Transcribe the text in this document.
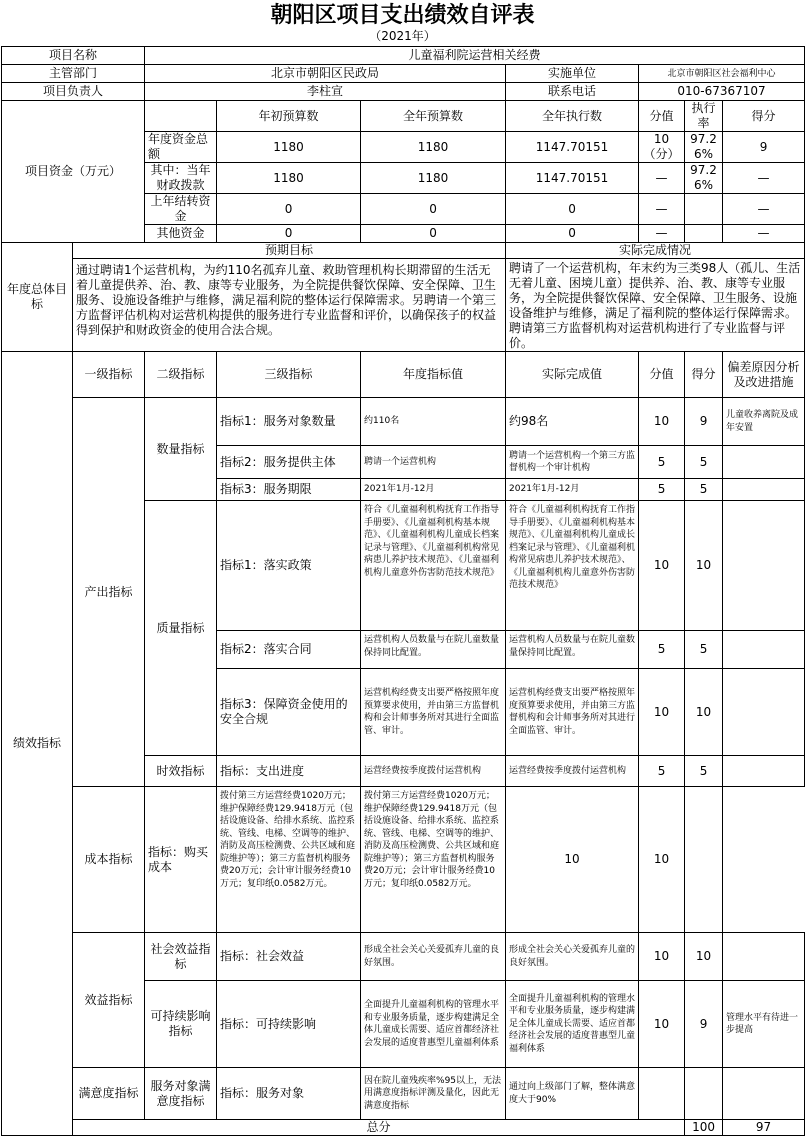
朝阳区项目支出绩效自评表
（2021年）
项目名称		儿童福利院运营相关经费							
主管部门		北京市朝阳区民政局			实施单位	北京市朝阳区社会福利中心			
项目负责人		李柱宣			联系电话	010-67367107			
项目资金（万元）			年初预算数	全年预算数	全年执行数	分值	执行率	得分	
		年度资金总额	1180	1180	1147.70151	10（分）	97.26%	9	
		其中：当年财政拨款	1180	1180	1147.70151	—	97.26%	—	
		上年结转资金	0	0	0	—		—	
		其他资金	0	0	0	—		—	
年度总体目标	预期目标				实际完成情况				
	通过聘请1个运营机构，为约110名孤弃儿童、救助管理机构长期滞留的生活无着儿童提供养、治、教、康等专业服务，为全院提供餐饮保障、安全保障、卫生服务、设施设备维护与维修，满足福利院的整体运行保障需求。另聘请一个第三方监督评估机构对运营机构提供的服务进行专业监督和评价，以确保孩子的权益得到保护和财政资金的使用合法合规。				聘请了一个运营机构，年末约为三类98人（孤儿、生活无着儿童、困境儿童）提供养、治、教、康等专业服务，为全院提供餐饮保障、安全保障、卫生服务、设施设备维护与维修，满足了福利院的整体运行保障需求。聘请第三方监督机构对运营机构进行了专业监督与评价。				
绩效指标	一级指标	二级指标	三级指标	年度指标值	实际完成值	分值	得分	偏差原因分析及改进措施	
	产出指标	数量指标	指标1：服务对象数量	约110名	约98名	10	9	儿童收养离院及成年安置	
			指标2：服务提供主体	聘请一个运营机构	聘请一个运营机构一个第三方监督机构一个审计机构	5	5		
			指标3：服务期限	2021年1月-12月	2021年1月-12月	5	5		
		质量指标	指标1：落实政策	符合《儿童福利机构抚育工作指导手册要》、《儿童福利机构基本规范》、《儿童福利机构儿童成长档案记录与管理》、《儿童福利机构常见病患儿养护技术规范》、《儿童福利机构儿童意外伤害防范技术规范》	符合《儿童福利机构抚育工作指导手册要》、《儿童福利机构基本规范》、《儿童福利机构儿童成长档案记录与管理》、《儿童福利机构常见病患儿养护技术规范》、《儿童福利机构儿童意外伤害防范技术规范》	10	10		
			指标2：落实合同	运营机构人员数量与在院儿童数量保持同比配置。	运营机构人员数量与在院儿童数量保持同比配置。	5	5		
			指标3：保障资金使用的安全合规	运营机构经费支出要严格按照年度预算要求使用，并由第三方监督机构和会计师事务所对其进行全面监管、审计。	运营机构经费支出要严格按照年度预算要求使用，并由第三方监督机构和会计师事务所对其进行全面监管、审计。	10	10		
		时效指标	指标：支出进度	运营经费按季度拨付运营机构	运营经费按季度拨付运营机构	5	5		
	成本指标	指标：购买成本	拨付第三方运营经费1020万元；维护保障经费129.9418万元（包括设施设备、给排水系统、监控系统、管线、电梯、空调等的维护、消防及高压检测费、公共区域和庭院维护等）；第三方监督机构服务费20万元；会计审计服务经费10万元；复印纸0.0582万元。	拨付第三方运营经费1020万元；维护保障经费129.9418万元（包括设施设备、给排水系统、监控系统、管线、电梯、空调等的维护、消防及高压检测费、公共区域和庭院维护等）；第三方监督机构服务费20万元；会计审计服务经费10万元；复印纸0.0582万元。	10	10			
	效益指标	社会效益指标	指标：社会效益	形成全社会关心关爱孤弃儿童的良好氛围。	形成全社会关心关爱孤弃儿童的良好氛围。	10	10		
		可持续影响指标	指标：可持续影响	全面提升儿童福利机构的管理水平和专业服务质量，逐步构建满足全体儿童成长需要、适应首都经济社会发展的适度普惠型儿童福利体系	全面提升儿童福利机构的管理水平和专业服务质量，逐步构建满足全体儿童成长需要、适应首都经济社会发展的适度普惠型儿童福利体系	10	9	管理水平有待进一步提高	
	满意度指标	服务对象满意度指标	指标：服务对象	因在院儿童残疾率%95以上，无法用满意度指标评测及量化，因此无满意度指标	通过向上级部门了解，整体满意度大于90%				
	总分						100	97	
